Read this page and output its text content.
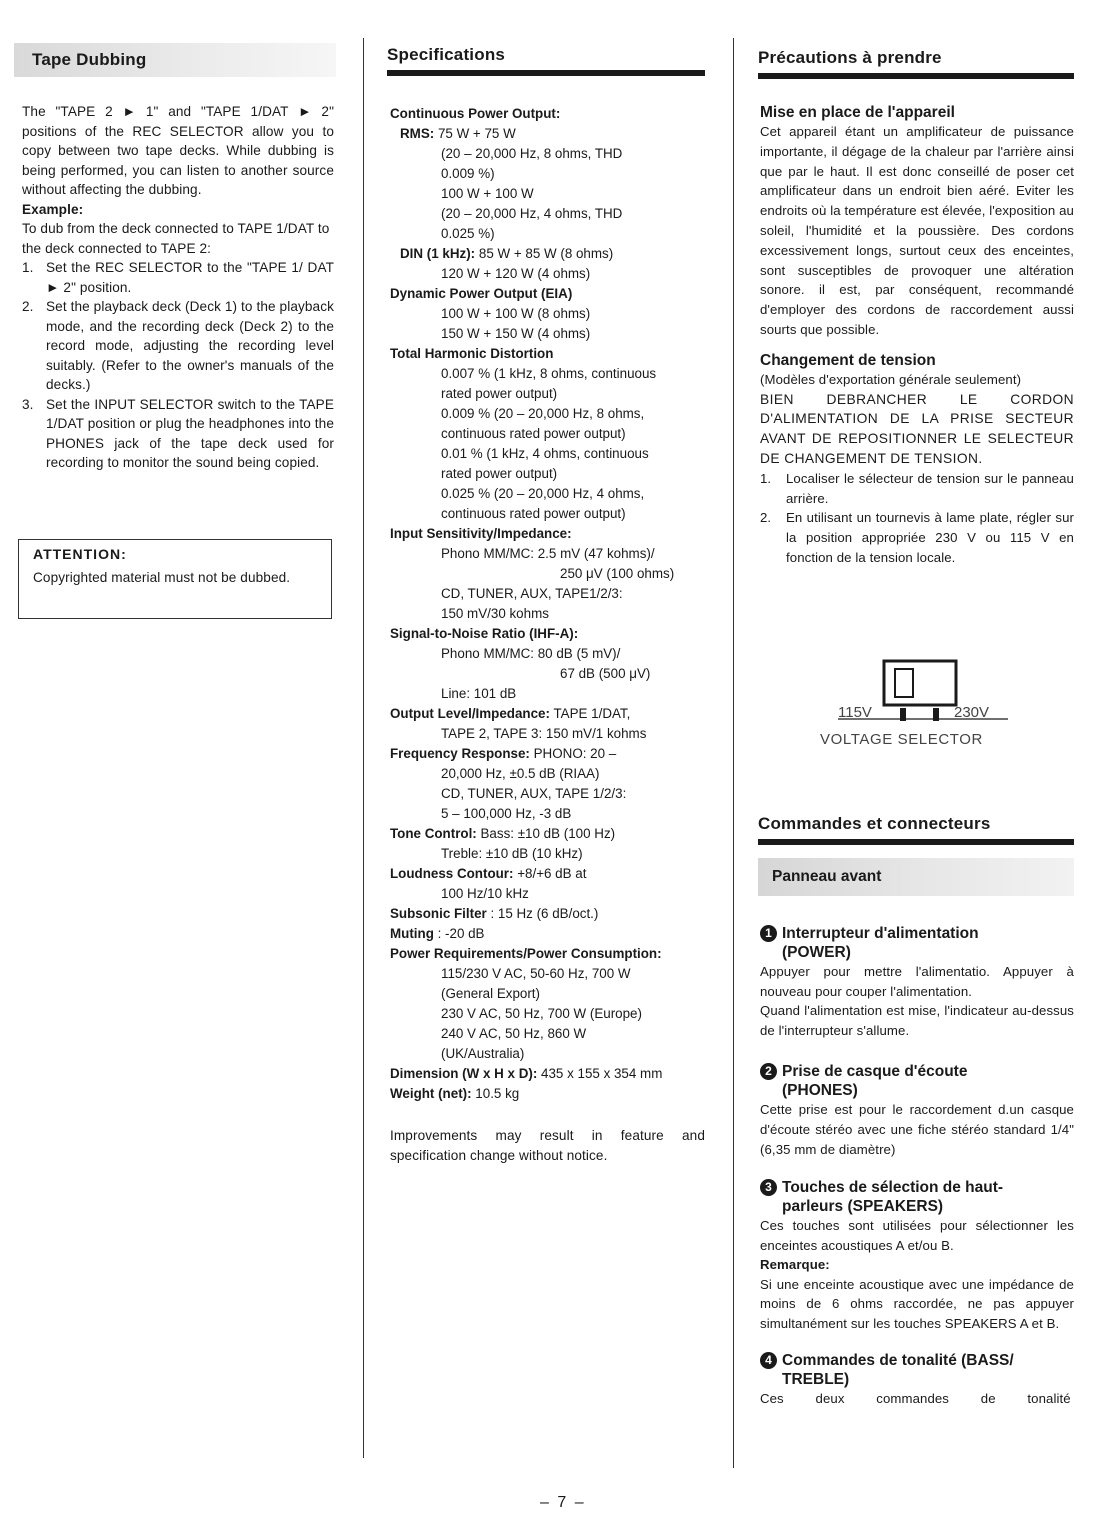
Tape Dubbing

The "TAPE 2 ► 1" and "TAPE 1/DAT ► 2" positions of the REC SELECTOR allow you to copy between two tape decks. While dubbing is being performed, you can listen to another source without affecting the dubbing.

Example:

To dub from the deck connected to TAPE 1/DAT to the deck connected to TAPE 2:

1. Set the REC SELECTOR to the "TAPE 1/ DAT ► 2" position.
2. Set the playback deck (Deck 1) to the playback mode, and the recording deck (Deck 2) to the record mode, adjusting the recording level suitably. (Refer to the owner's manuals of the decks.)
3. Set the INPUT SELECTOR switch to the TAPE 1/DAT position or plug the headphones into the PHONES jack of the tape deck used for recording to monitor the sound being copied.
ATTENTION:

Copyrighted material must not be dubbed.

Specifications
Continuous Power Output:
RMS: 75 W + 75 W
(20 – 20,000 Hz, 8 ohms, THD
0.009 %)
100 W + 100 W
(20 – 20,000 Hz, 4 ohms, THD
0.025 %)
DIN (1 kHz): 85 W + 85 W (8 ohms)
120 W + 120 W (4 ohms)
Dynamic Power Output (EIA)
100 W + 100 W (8 ohms)
150 W + 150 W (4 ohms)
Total Harmonic Distortion
0.007 % (1 kHz, 8 ohms, continuous
rated power output)
0.009 % (20 – 20,000 Hz, 8 ohms,
continuous rated power output)
0.01 % (1 kHz, 4 ohms, continuous
rated power output)
0.025 % (20 – 20,000 Hz, 4 ohms,
continuous rated power output)
Input Sensitivity/Impedance:
Phono MM/MC: 2.5 mV (47 kohms)/
250 μV (100 ohms)
CD, TUNER, AUX, TAPE1/2/3:
150 mV/30 kohms
Signal-to-Noise Ratio (IHF-A):
Phono MM/MC: 80 dB (5 mV)/
67 dB (500 μV)
Line: 101 dB
Output Level/Impedance: TAPE 1/DAT,
TAPE 2, TAPE 3: 150 mV/1 kohms
Frequency Response: PHONO: 20 –
20,000 Hz, ±0.5 dB (RIAA)
CD, TUNER, AUX, TAPE 1/2/3:
5 – 100,000 Hz, -3 dB
Tone Control: Bass: ±10 dB (100 Hz)
Treble: ±10 dB (10 kHz)
Loudness Contour: +8/+6 dB at
100 Hz/10 kHz
Subsonic Filter : 15 Hz (6 dB/oct.)
Muting : -20 dB
Power Requirements/Power Consumption:
115/230 V AC, 50-60 Hz, 700 W
(General Export)
230 V AC, 50 Hz, 700 W (Europe)
240 V AC, 50 Hz, 860 W
(UK/Australia)
Dimension (W x H x D): 435 x 155 x 354 mm
Weight (net): 10.5 kg

Improvements may result in feature and specification change without notice.

Précautions à prendre
Mise en place de l'appareil

Cet appareil étant un amplificateur de puissance importante, il dégage de la chaleur par l'arrière ainsi que par le haut. Il est donc conseillé de poser cet amplificateur dans un endroit bien aéré. Eviter les endroits où la température est élevée, l'exposition au soleil, l'humidité et la poussière. Des cordons excessivement longs, surtout ceux des enceintes, sont susceptibles de provoquer une altération sonore. il est, par conséquent, recommandé d'employer des cordons de raccordement aussi sourts que possible.

Changement de tension

(Modèles d'exportation générale seulement)

BIEN DEBRANCHER LE CORDON D'ALIMENTATION DE LA PRISE SECTEUR AVANT DE REPOSITIONNER LE SELECTEUR DE CHANGEMENT DE TENSION.

1. Localiser le sélecteur de tension sur le panneau arrière.
2. En utilisant un tournevis à lame plate, régler sur la position appropriée 230 V ou 115 V en fonction de la tension locale.
115V	230V
VOLTAGE SELECTOR
Commandes et connecteurs
Panneau avant
1 Interrupteur d'alimentation
(POWER)

Appuyer pour mettre l'alimentatio. Appuyer à nouveau pour couper l'alimentation.

Quand l'alimentation est mise, l'indicateur au-dessus de l'interrupteur s'allume.

2 Prise de casque d'écoute
(PHONES)

Cette prise est pour le raccordement d.un casque d'écoute stéréo avec une fiche stéréo standard 1/4" (6,35 mm de diamètre)

3 Touches de sélection de haut-
parleurs (SPEAKERS)

Ces touches sont utilisées pour sélectionner les enceintes acoustiques A et/ou B.

Remarque:

Si une enceinte acoustique avec une impédance de moins de 6 ohms raccordée, ne pas appuyer simultanément sur les touches SPEAKERS A et B.

4 Commandes de tonalité (BASS/
TREBLE)

Ces deux commandes de tonalité

– 7 –
